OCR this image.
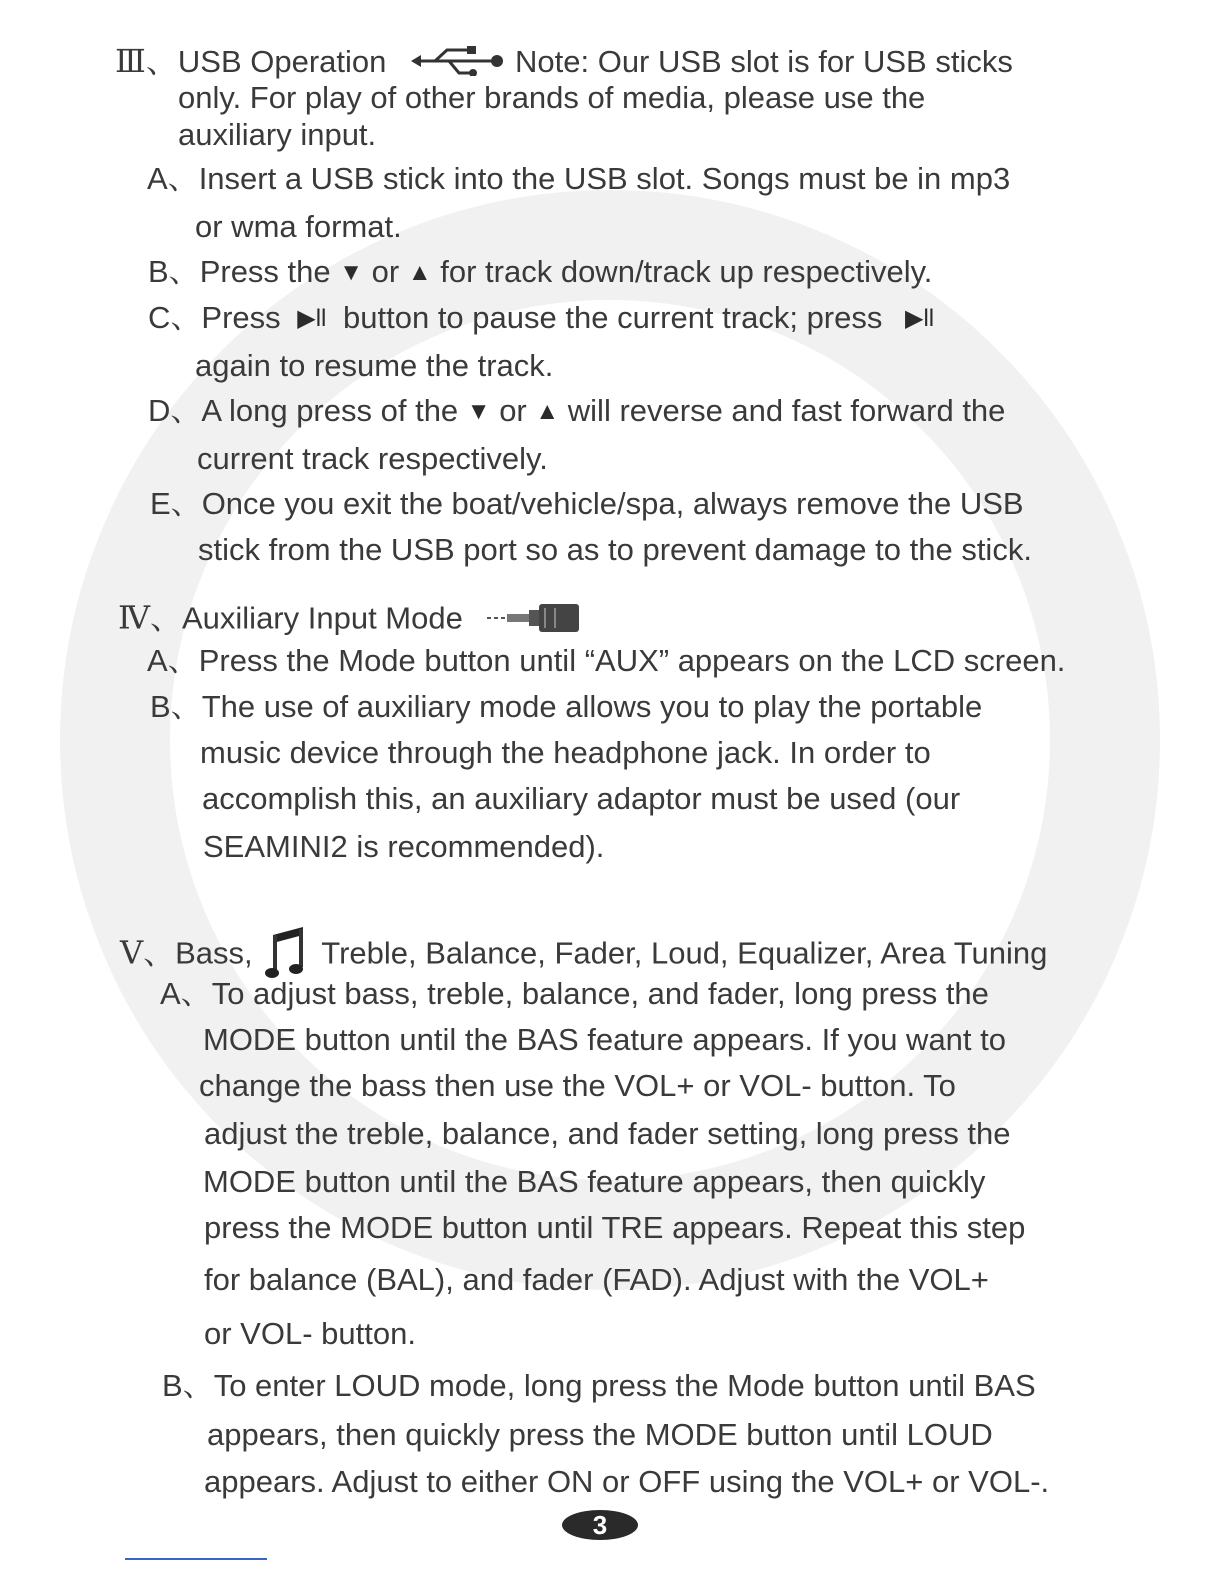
Ⅲ、USB Operation	Note: Our USB slot is for USB sticks
only. For play of other brands of media, please use the
auxiliary input.
A、Insert a USB stick into the USB slot. Songs must be in mp3
or wma format.
B、Press the ▼ or ▲ for track down/track up respectively.
C、Press ▶ll button to pause the current track; press ▶ll
again to resume the track.
D、A long press of the ▼ or ▲ will reverse and fast forward the
current track respectively.
E、Once you exit the boat/vehicle/spa, always remove the USB
stick from the USB port so as to prevent damage to the stick.
Ⅳ、Auxiliary Input Mode
A、Press the Mode button until “AUX” appears on the LCD screen.
B、The use of auxiliary mode allows you to play the portable
music device through the headphone jack. In order to
accomplish this, an auxiliary adaptor must be used (our
SEAMINI2 is recommended).
Ⅴ、Bass, Treble, Balance, Fader, Loud, Equalizer, Area Tuning
A、To adjust bass, treble, balance, and fader, long press the
MODE button until the BAS feature appears. If you want to
change the bass then use the VOL+ or VOL- button. To
adjust the treble, balance, and fader setting, long press the
MODE button until the BAS feature appears, then quickly
press the MODE button until TRE appears. Repeat this step
for balance (BAL), and fader (FAD). Adjust with the VOL+
or VOL- button.
B、To enter LOUD mode, long press the Mode button until BAS
appears, then quickly press the MODE button until LOUD
appears. Adjust to either ON or OFF using the VOL+ or VOL-.
3
